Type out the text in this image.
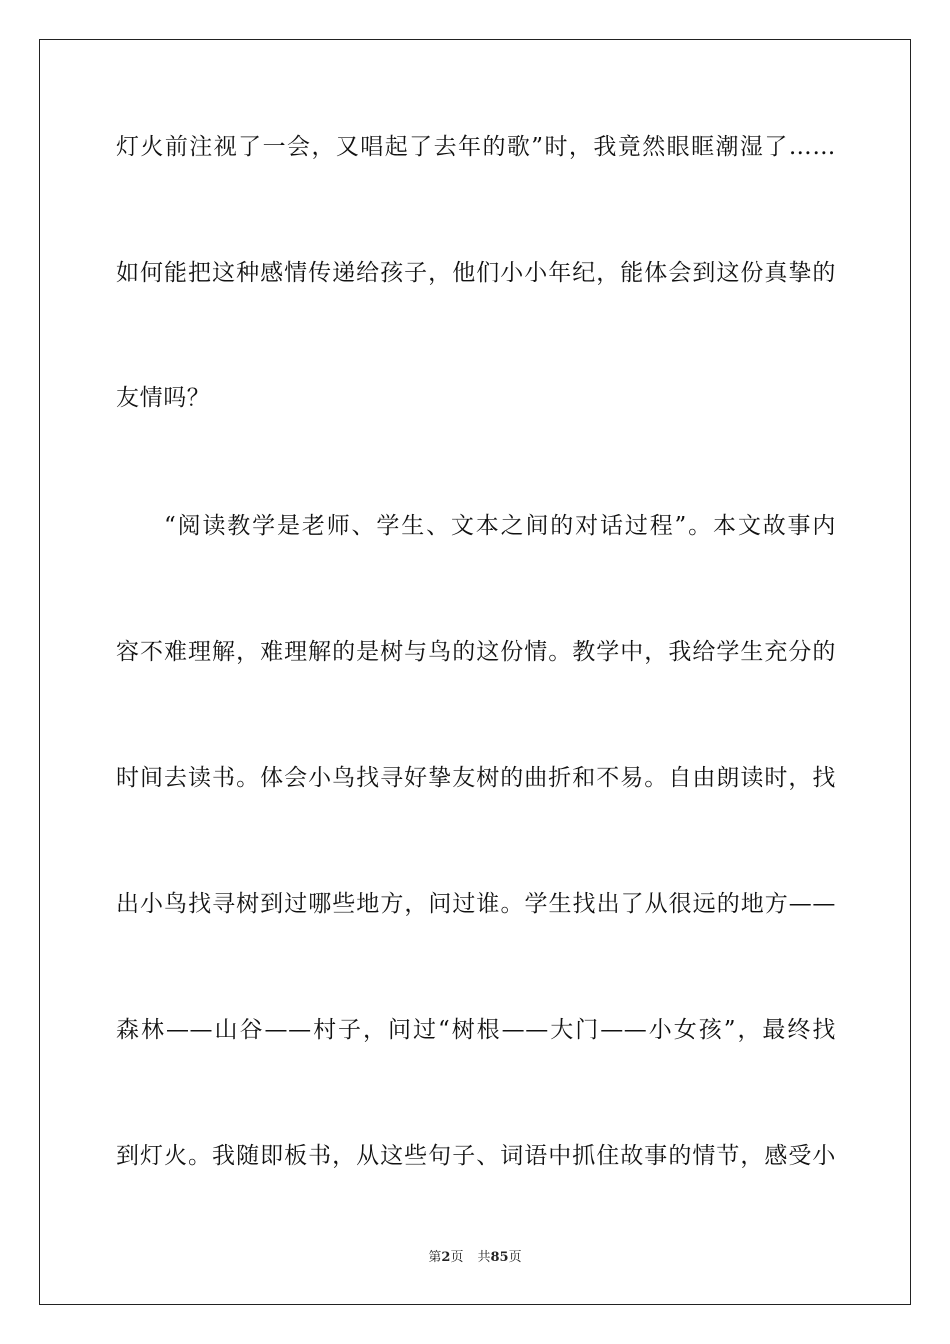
灯火前注视了一会，又唱起了去年的歌”时，我竟然眼眶潮湿了……
如何能把这种感情传递给孩子，他们小小年纪，能体会到这份真挚的
友情吗？
“阅读教学是老师、学生、文本之间的对话过程”。本文故事内
容不难理解，难理解的是树与鸟的这份情。教学中，我给学生充分的
时间去读书。体会小鸟找寻好挚友树的曲折和不易。自由朗读时，找
出小鸟找寻树到过哪些地方，问过谁。学生找出了从很远的地方——
森林——山谷——村子，问过“树根——大门——小女孩”，最终找
到灯火。我随即板书，从这些句子、词语中抓住故事的情节，感受小
第2页 共85页
